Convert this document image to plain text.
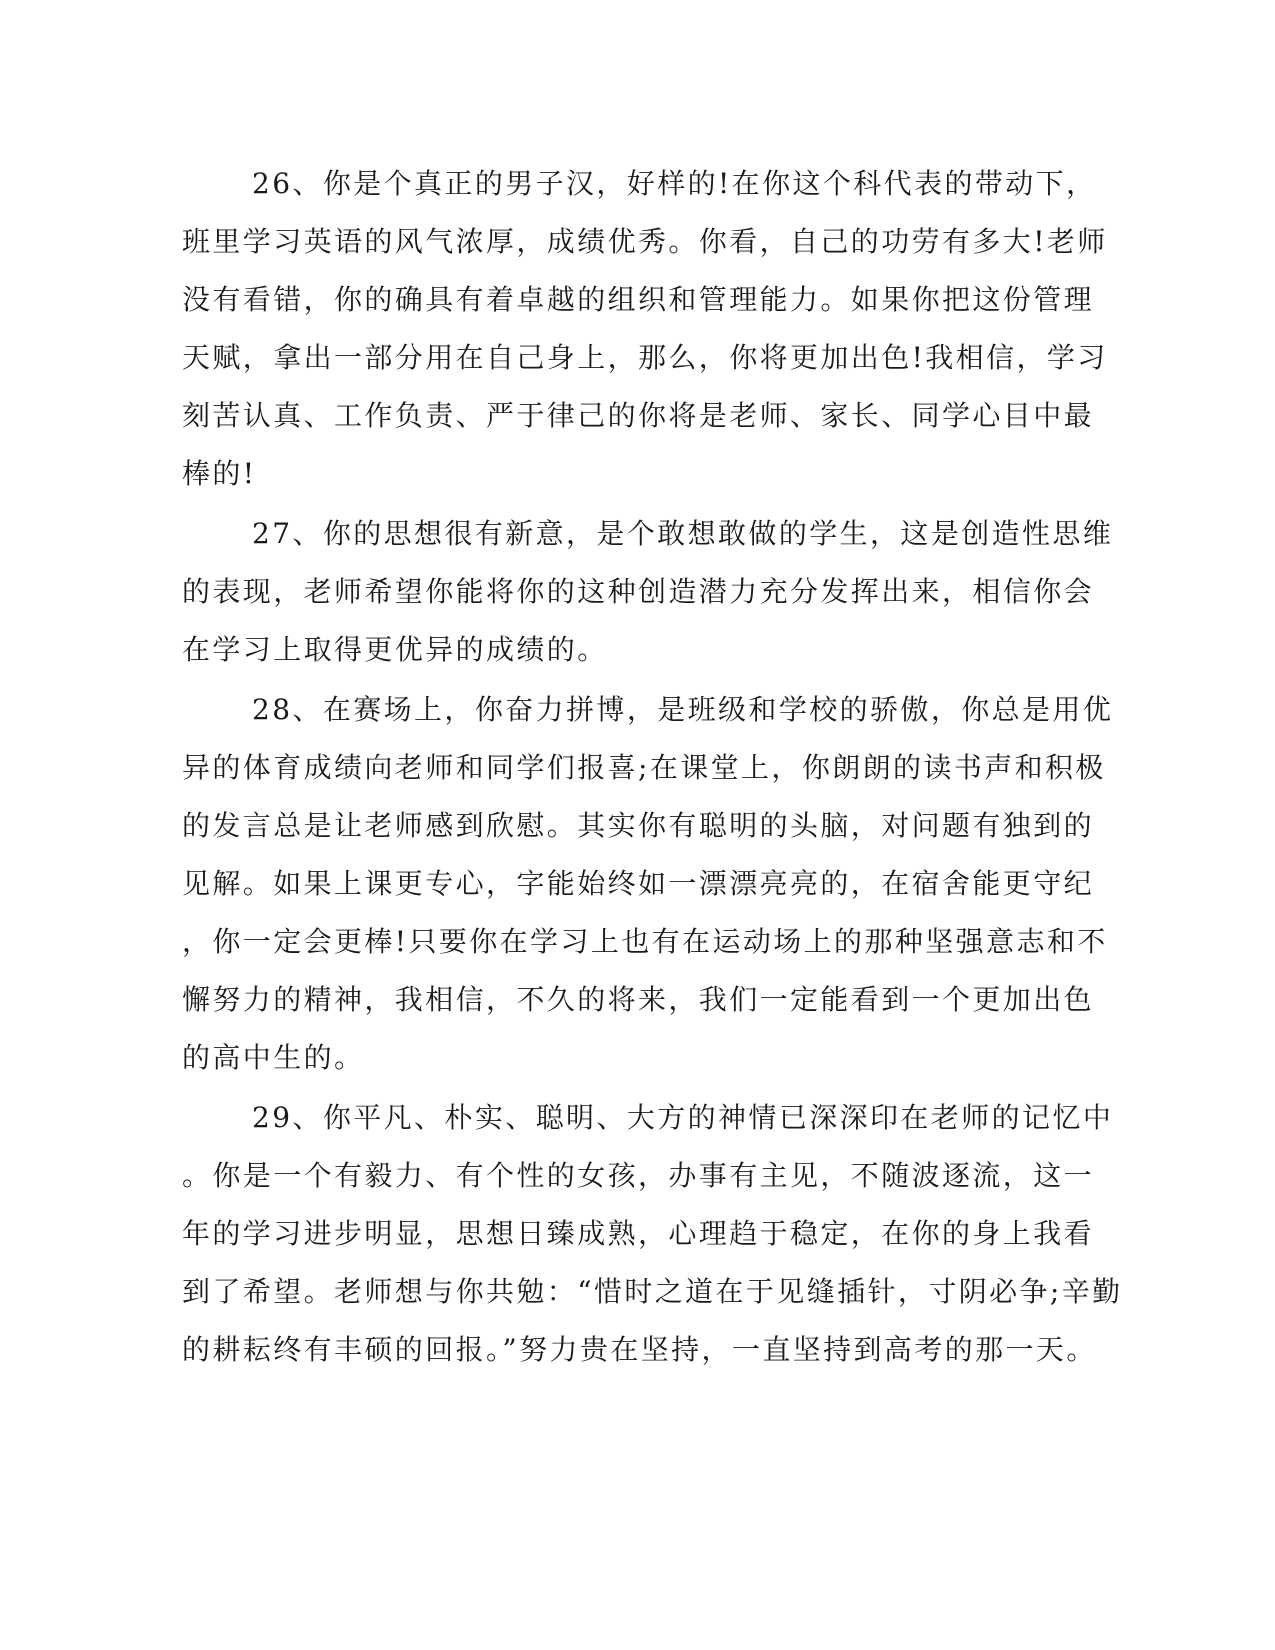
26、你是个真正的男子汉，好样的!在你这个科代表的带动下，

班里学习英语的风气浓厚，成绩优秀。你看，自己的功劳有多大!老师

没有看错，你的确具有着卓越的组织和管理能力。如果你把这份管理

天赋，拿出一部分用在自己身上，那么，你将更加出色!我相信，学习

刻苦认真、工作负责、严于律己的你将是老师、家长、同学心目中最

棒的!

27、你的思想很有新意，是个敢想敢做的学生，这是创造性思维

的表现，老师希望你能将你的这种创造潜力充分发挥出来，相信你会

在学习上取得更优异的成绩的。

28、在赛场上，你奋力拼博，是班级和学校的骄傲，你总是用优

异的体育成绩向老师和同学们报喜;在课堂上，你朗朗的读书声和积极

的发言总是让老师感到欣慰。其实你有聪明的头脑，对问题有独到的

见解。如果上课更专心，字能始终如一漂漂亮亮的，在宿舍能更守纪

，你一定会更棒!只要你在学习上也有在运动场上的那种坚强意志和不

懈努力的精神，我相信，不久的将来，我们一定能看到一个更加出色

的高中生的。

29、你平凡、朴实、聪明、大方的神情已深深印在老师的记忆中

。你是一个有毅力、有个性的女孩，办事有主见，不随波逐流，这一

年的学习进步明显，思想日臻成熟，心理趋于稳定，在你的身上我看

到了希望。老师想与你共勉：“惜时之道在于见缝插针，寸阴必争;辛勤

的耕耘终有丰硕的回报。”努力贵在坚持，一直坚持到高考的那一天。
